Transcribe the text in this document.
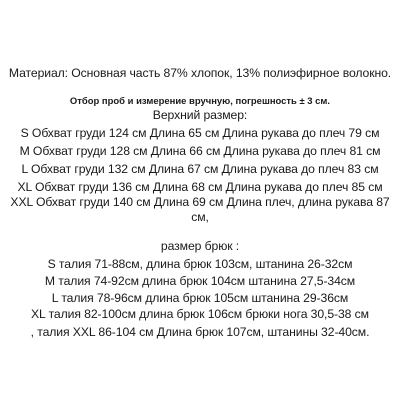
Материал: Основная часть 87% хлопок, 13% полиэфирное волокно.
Отбор проб и измерение вручную, погрешность ± 3 см.
Верхний размер:
S Обхват груди 124 см Длина 65 см Длина рукава до плеч 79 см
M Обхват груди 128 см Длина 66 см Длина рукава до плеч 81 см
L Обхват груди 132 см Длина 67 см Длина рукава до плеч 83 см
XL Обхват груди 136 см Длина 68 см Длина рукава до плеч 85 см
XXL Обхват груди 140 см Длина 69 см Длина плеч, длина рукава 87
см,
размер брюк :
S талия 71-88см, длина брюк 103см, штанина 26-32см
M талия 74-92см длина брюк 104см штанина 27,5-34см
L талия 78-96см длина брюк 105см штанина 29-36см
XL талия 82-100см длина брюк 106см брюки нога 30,5-38 см
, талия XXL 86-104 см Длина брюк 107см, штанины 32-40см.
